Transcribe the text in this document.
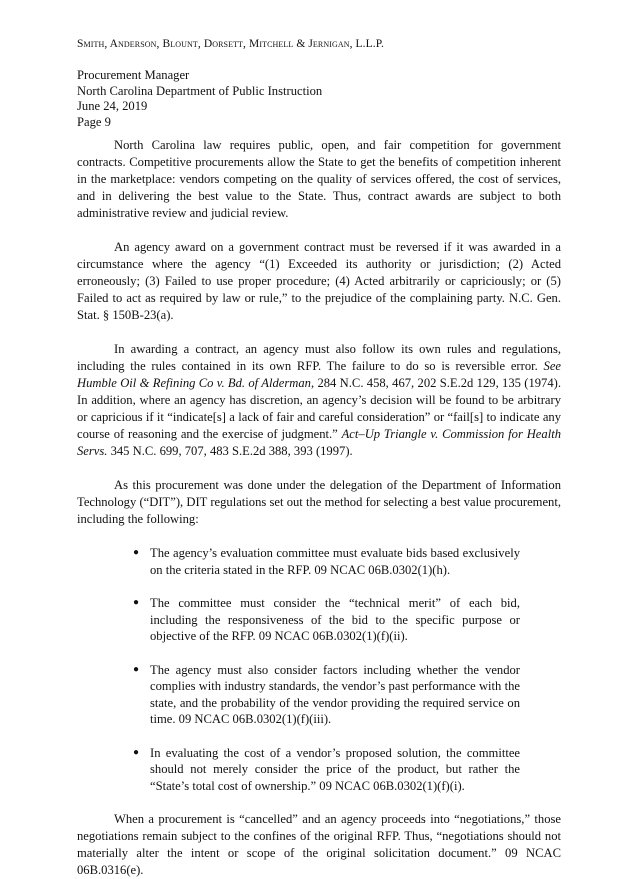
Smith, Anderson, Blount, Dorsett, Mitchell & Jernigan, L.L.P.
Procurement Manager
North Carolina Department of Public Instruction
June 24, 2019
Page 9

North Carolina law requires public, open, and fair competition for government contracts. Competitive procurements allow the State to get the benefits of competition inherent in the marketplace: vendors competing on the quality of services offered, the cost of services, and in delivering the best value to the State. Thus, contract awards are subject to both administrative review and judicial review.

An agency award on a government contract must be reversed if it was awarded in a circumstance where the agency “(1) Exceeded its authority or jurisdiction; (2) Acted erroneously; (3) Failed to use proper procedure; (4) Acted arbitrarily or capriciously; or (5) Failed to act as required by law or rule,” to the prejudice of the complaining party. N.C. Gen. Stat. § 150B-23(a).

In awarding a contract, an agency must also follow its own rules and regulations, including the rules contained in its own RFP. The failure to do so is reversible error. See Humble Oil & Refining Co v. Bd. of Alderman, 284 N.C. 458, 467, 202 S.E.2d 129, 135 (1974). In addition, where an agency has discretion, an agency’s decision will be found to be arbitrary or capricious if it “indicate[s] a lack of fair and careful consideration” or “fail[s] to indicate any course of reasoning and the exercise of judgment.” Act–Up Triangle v. Commission for Health Servs. 345 N.C. 699, 707, 483 S.E.2d 388, 393 (1997).

As this procurement was done under the delegation of the Department of Information Technology (“DIT”), DIT regulations set out the method for selecting a best value procurement, including the following:

● The agency’s evaluation committee must evaluate bids based exclusively on the criteria stated in the RFP. 09 NCAC 06B.0302(1)(h).
● The committee must consider the “technical merit” of each bid, including the responsiveness of the bid to the specific purpose or objective of the RFP. 09 NCAC 06B.0302(1)(f)(ii).
● The agency must also consider factors including whether the vendor complies with industry standards, the vendor’s past performance with the state, and the probability of the vendor providing the required service on time. 09 NCAC 06B.0302(1)(f)(iii).
● In evaluating the cost of a vendor’s proposed solution, the committee should not merely consider the price of the product, but rather the “State’s total cost of ownership.” 09 NCAC 06B.0302(1)(f)(i).

When a procurement is “cancelled” and an agency proceeds into “negotiations,” those negotiations remain subject to the confines of the original RFP. Thus, “negotiations should not materially alter the intent or scope of the original solicitation document.” 09 NCAC 06B.0316(e).
